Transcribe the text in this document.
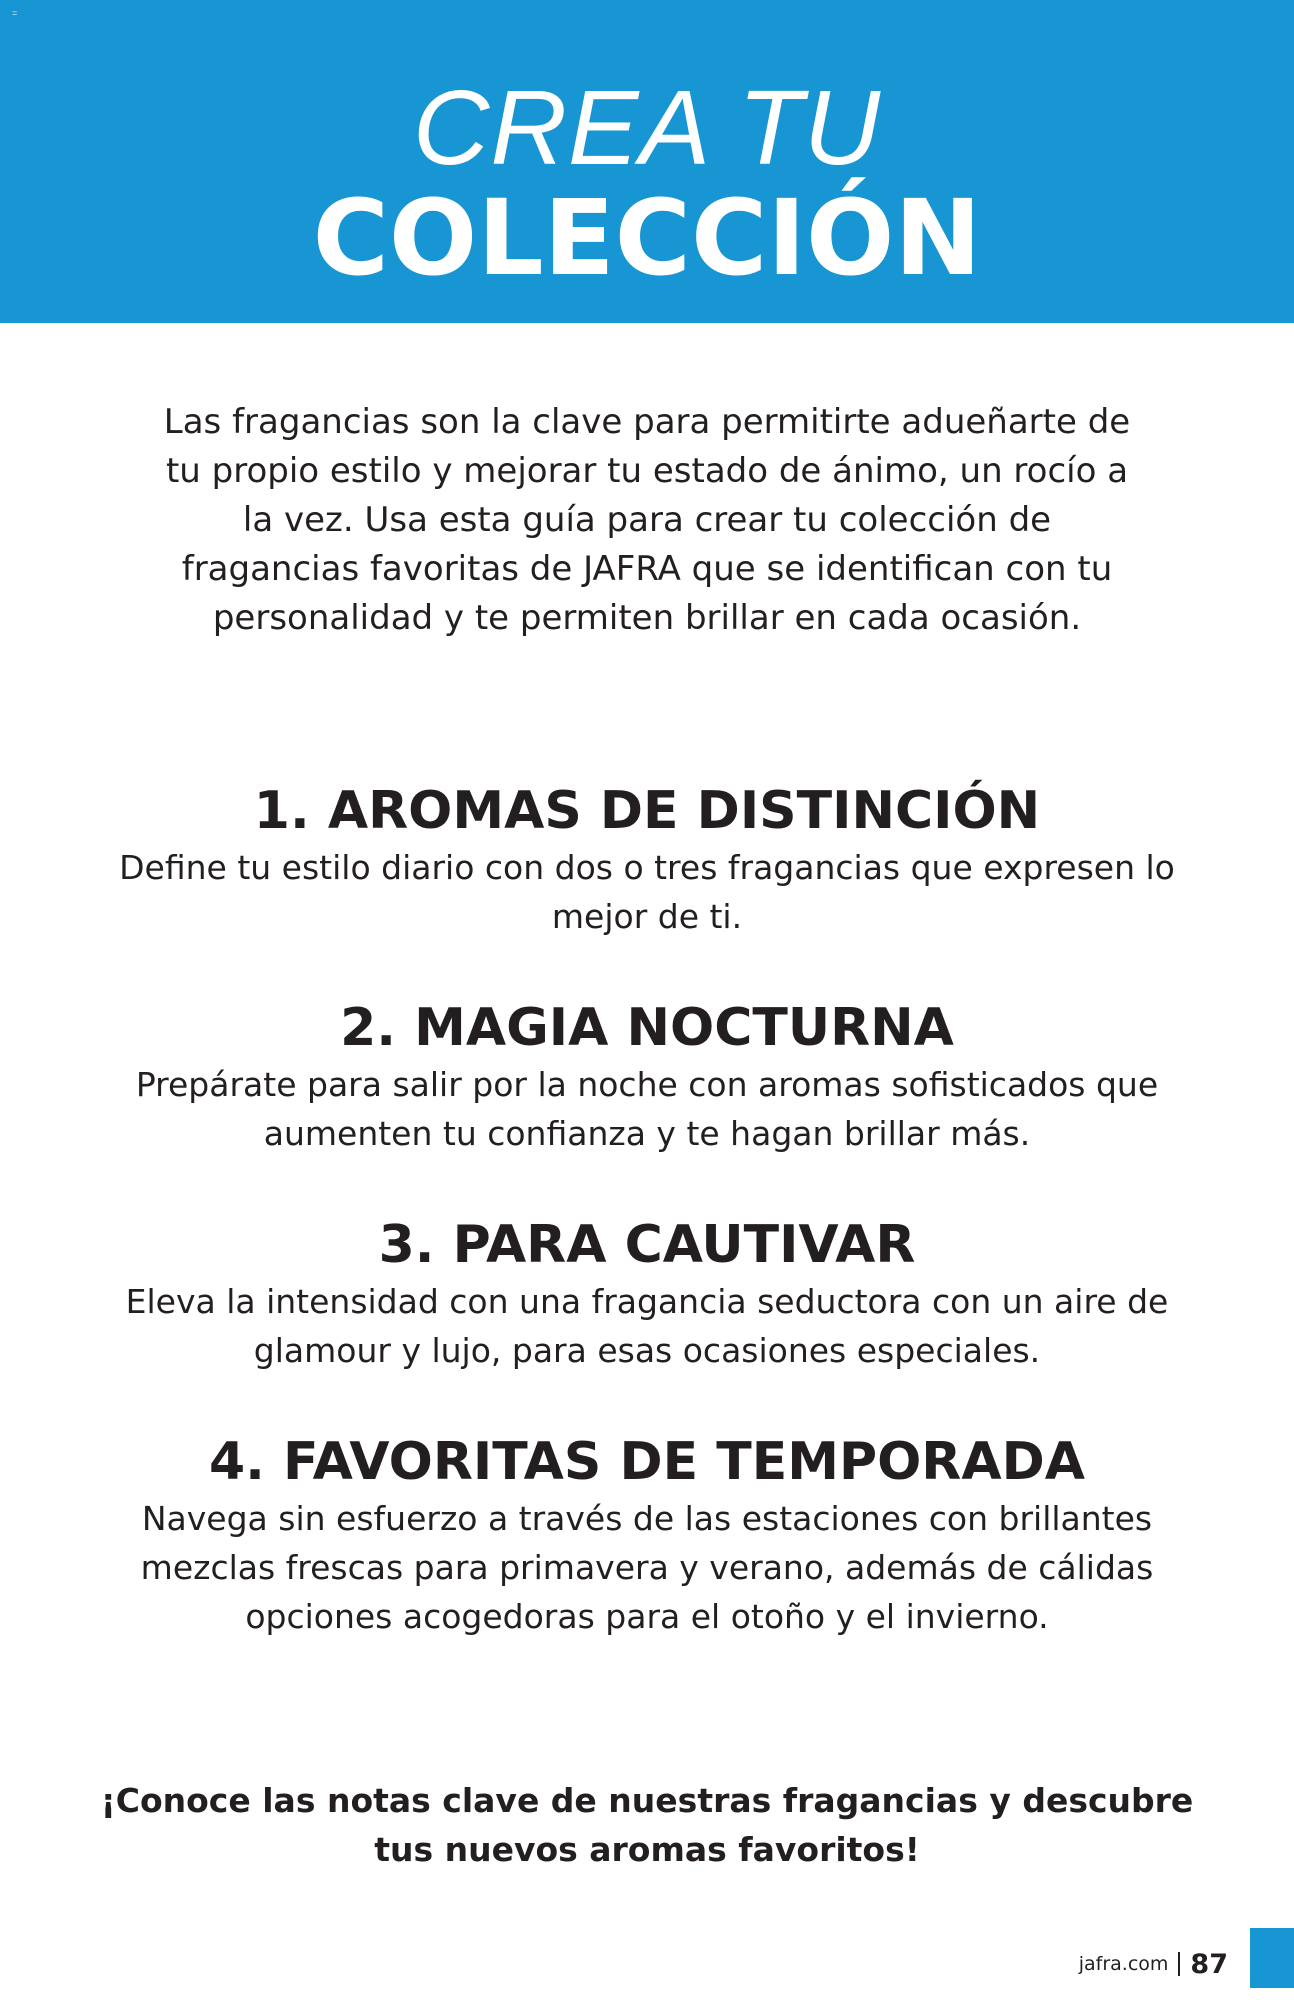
=
CREA TU
COLECCIÓN

Las fragancias son la clave para permitirte adueñarte de tu propio estilo y mejorar tu estado de ánimo, un rocío a la vez. Usa esta guía para crear tu colección de fragancias favoritas de JAFRA que se identifican con tu personalidad y te permiten brillar en cada ocasión.

1. AROMAS DE DISTINCIÓN

Define tu estilo diario con dos o tres fragancias que expresen lo mejor de ti.

2. MAGIA NOCTURNA

Prepárate para salir por la noche con aromas sofisticados que aumenten tu confianza y te hagan brillar más.

3. PARA CAUTIVAR

Eleva la intensidad con una fragancia seductora con un aire de glamour y lujo, para esas ocasiones especiales.

4. FAVORITAS DE TEMPORADA

Navega sin esfuerzo a través de las estaciones con brillantes mezclas frescas para primavera y verano, además de cálidas opciones acogedoras para el otoño y el invierno.

¡Conoce las notas clave de nuestras fragancias y descubre tus nuevos aromas favoritos!

jafra.com 87
